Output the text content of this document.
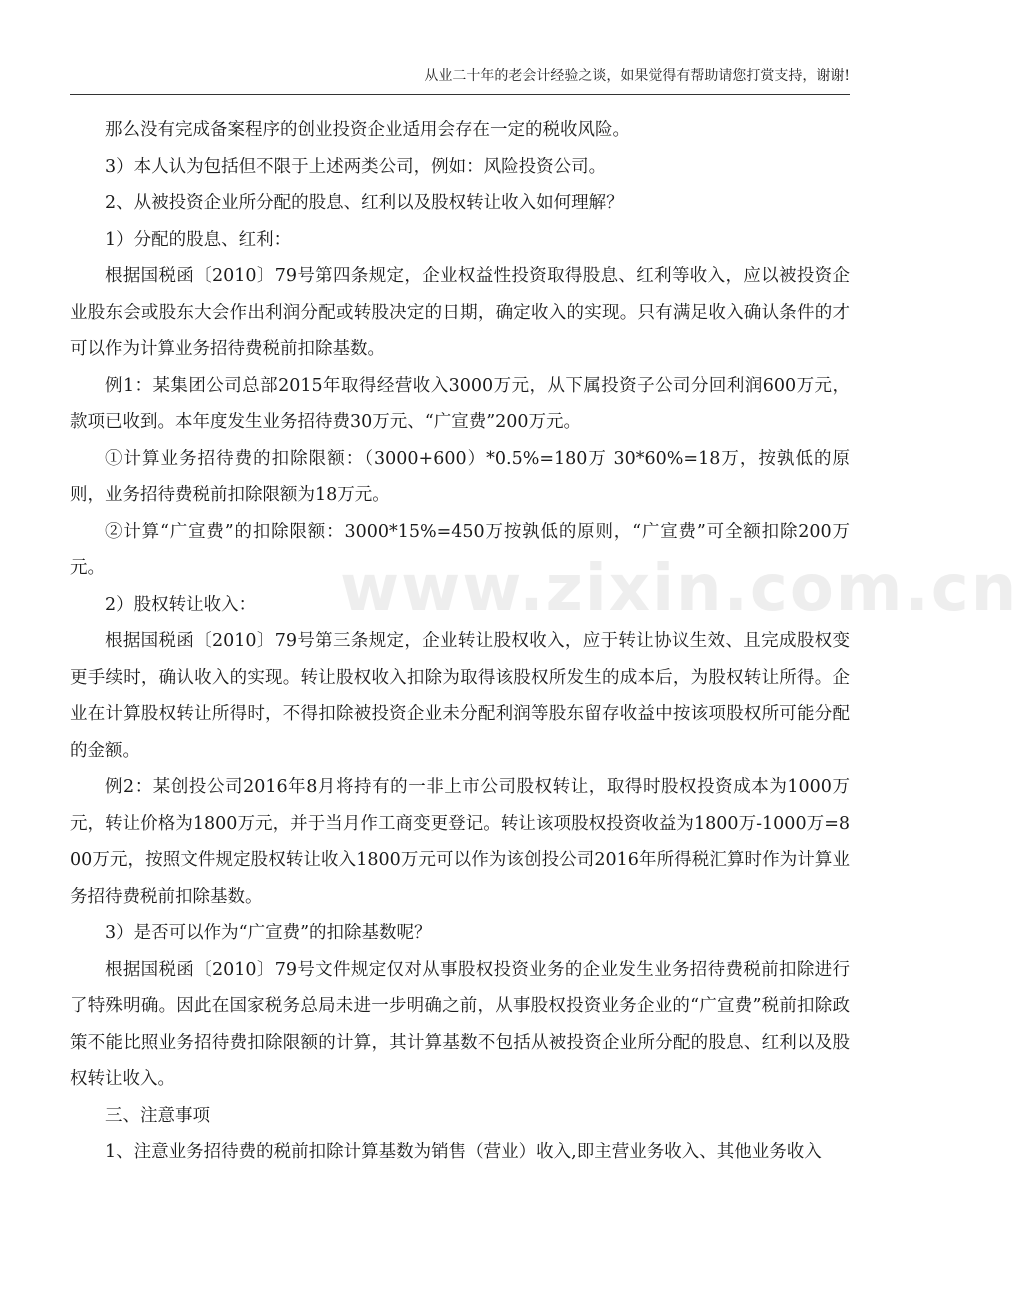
从业二十年的老会计经验之谈，如果觉得有帮助请您打赏支持，谢谢!
www.zixin.com.cn

那么没有完成备案程序的创业投资企业适用会存在一定的税收风险。

3）本人认为包括但不限于上述两类公司，例如：风险投资公司。

2、从被投资企业所分配的股息、红利以及股权转让收入如何理解？

1）分配的股息、红利：

根据国税函〔2010〕79号第四条规定，企业权益性投资取得股息、红利等收入，应以被投资企业股东会或股东大会作出利润分配或转股决定的日期，确定收入的实现。只有满足收入确认条件的才可以作为计算业务招待费税前扣除基数。

例1：某集团公司总部2015年取得经营收入3000万元，从下属投资子公司分回利润600万元，款项已收到。本年度发生业务招待费30万元、“广宣费”200万元。

①计算业务招待费的扣除限额：（3000+600）*0.5%=180万 30*60%=18万，按孰低的原则，业务招待费税前扣除限额为18万元。

②计算“广宣费”的扣除限额：3000*15%=450万按孰低的原则，“广宣费”可全额扣除200万元。

2）股权转让收入：

根据国税函〔2010〕79号第三条规定，企业转让股权收入，应于转让协议生效、且完成股权变更手续时，确认收入的实现。转让股权收入扣除为取得该股权所发生的成本后，为股权转让所得。企业在计算股权转让所得时，不得扣除被投资企业未分配利润等股东留存收益中按该项股权所可能分配的金额。

例2：某创投公司2016年8月将持有的一非上市公司股权转让，取得时股权投资成本为1000万元，转让价格为1800万元，并于当月作工商变更登记。转让该项股权投资收益为1800万-1000万=800万元，按照文件规定股权转让收入1800万元可以作为该创投公司2016年所得税汇算时作为计算业务招待费税前扣除基数。

3）是否可以作为“广宣费”的扣除基数呢？

根据国税函〔2010〕79号文件规定仅对从事股权投资业务的企业发生业务招待费税前扣除进行了特殊明确。因此在国家税务总局未进一步明确之前，从事股权投资业务企业的“广宣费”税前扣除政策不能比照业务招待费扣除限额的计算，其计算基数不包括从被投资企业所分配的股息、红利以及股权转让收入。

三、注意事项

1、注意业务招待费的税前扣除计算基数为销售（营业）收入,即主营业务收入、其他业务收入
